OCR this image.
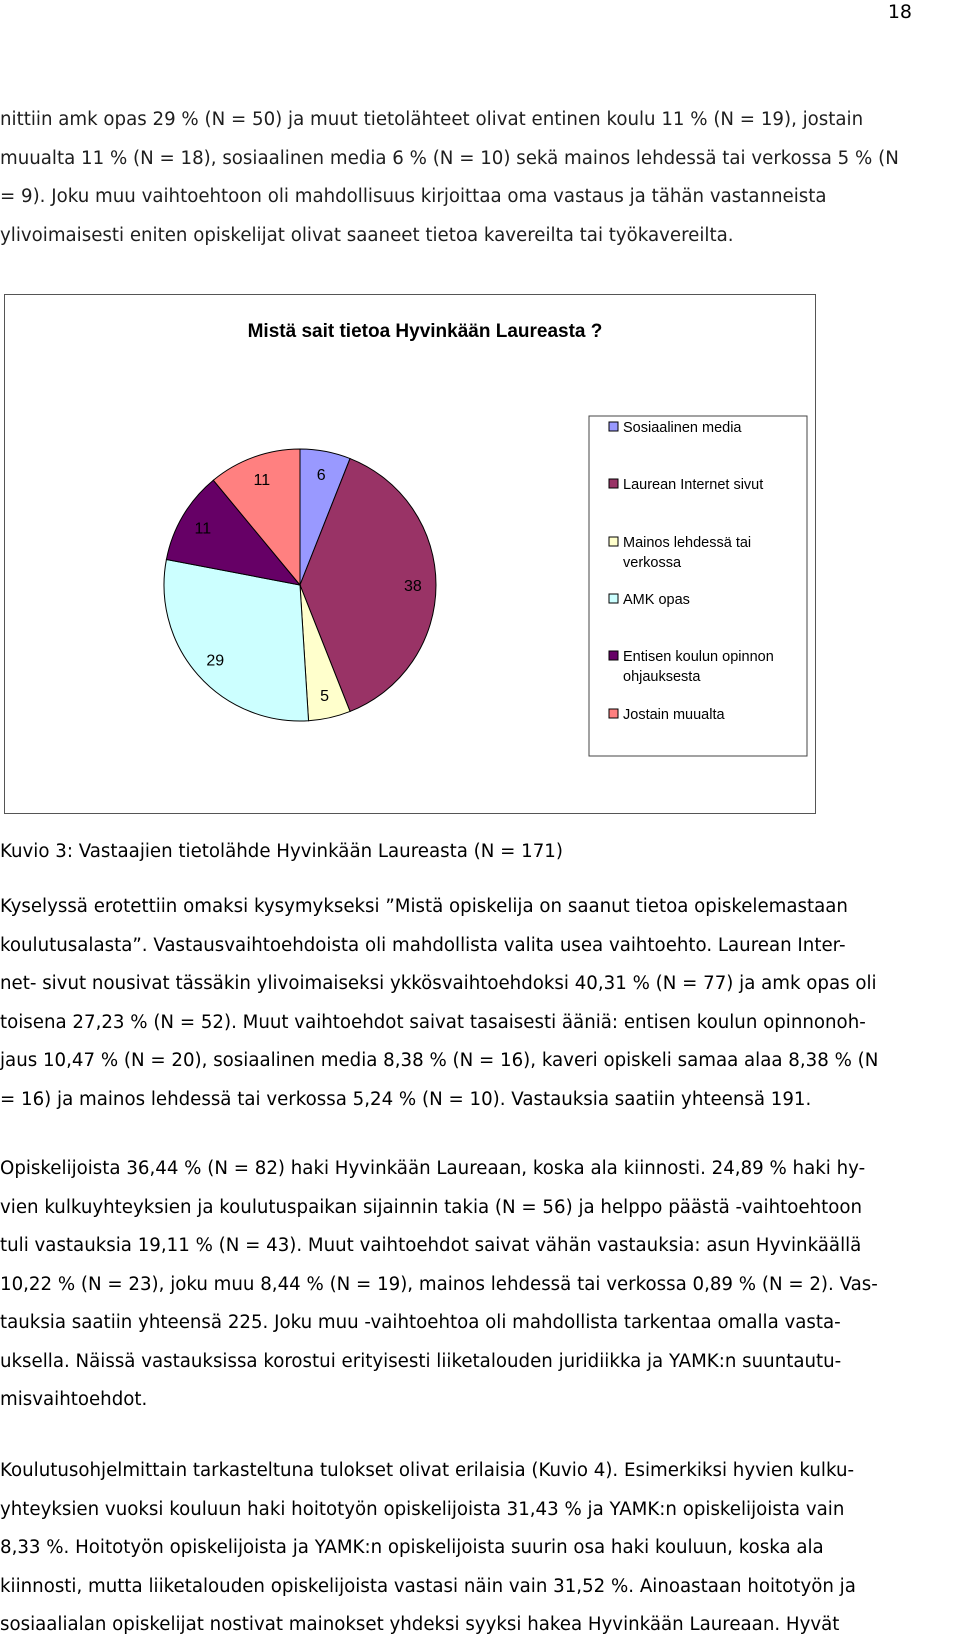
18
nittiin amk opas 29 % (N = 50) ja muut tietolähteet olivat entinen koulu 11 % (N = 19), jostain
muualta 11 % (N = 18), sosiaalinen media 6 % (N = 10) sekä mainos lehdessä tai verkossa 5 % (N
= 9). Joku muu vaihtoehtoon oli mahdollisuus kirjoittaa oma vastaus ja tähän vastanneista
ylivoimaisesti eniten opiskelijat olivat saaneet tietoa kavereilta tai työkavereilta.
Mistä sait tietoa Hyvinkään Laureasta ?
6
38
5
29
11
11
Sosiaalinen media
Laurean Internet sivut
Mainos lehdessä tai
verkossa
AMK opas
Entisen koulun opinnon
ohjauksesta
Jostain muualta
Kuvio 3: Vastaajien tietolähde Hyvinkään Laureasta (N = 171)
Kyselyssä erotettiin omaksi kysymykseksi ”Mistä opiskelija on saanut tietoa opiskelemastaan
koulutusalasta”. Vastausvaihtoehdoista oli mahdollista valita usea vaihtoehto. Laurean Inter-
net- sivut nousivat tässäkin ylivoimaiseksi ykkösvaihtoehdoksi 40,31 % (N = 77) ja amk opas oli
toisena 27,23 % (N = 52). Muut vaihtoehdot saivat tasaisesti ääniä: entisen koulun opinnonoh-
jaus 10,47 % (N = 20), sosiaalinen media 8,38 % (N = 16), kaveri opiskeli samaa alaa 8,38 % (N
= 16) ja mainos lehdessä tai verkossa 5,24 % (N = 10). Vastauksia saatiin yhteensä 191.
Opiskelijoista 36,44 % (N = 82) haki Hyvinkään Laureaan, koska ala kiinnosti. 24,89 % haki hy-
vien kulkuyhteyksien ja koulutuspaikan sijainnin takia (N = 56) ja helppo päästä -vaihtoehtoon
tuli vastauksia 19,11 % (N = 43). Muut vaihtoehdot saivat vähän vastauksia: asun Hyvinkäällä
10,22 % (N = 23), joku muu 8,44 % (N = 19), mainos lehdessä tai verkossa 0,89 % (N = 2). Vas-
tauksia saatiin yhteensä 225. Joku muu -vaihtoehtoa oli mahdollista tarkentaa omalla vasta-
uksella. Näissä vastauksissa korostui erityisesti liiketalouden juridiikka ja YAMK:n suuntautu-
misvaihtoehdot.
Koulutusohjelmittain tarkasteltuna tulokset olivat erilaisia (Kuvio 4). Esimerkiksi hyvien kulku-
yhteyksien vuoksi kouluun haki hoitotyön opiskelijoista 31,43 % ja YAMK:n opiskelijoista vain
8,33 %. Hoitotyön opiskelijoista ja YAMK:n opiskelijoista suurin osa haki kouluun, koska ala
kiinnosti, mutta liiketalouden opiskelijoista vastasi näin vain 31,52 %. Ainoastaan hoitotyön ja
sosiaalialan opiskelijat nostivat mainokset yhdeksi syyksi hakea Hyvinkään Laureaan. Hyvät
